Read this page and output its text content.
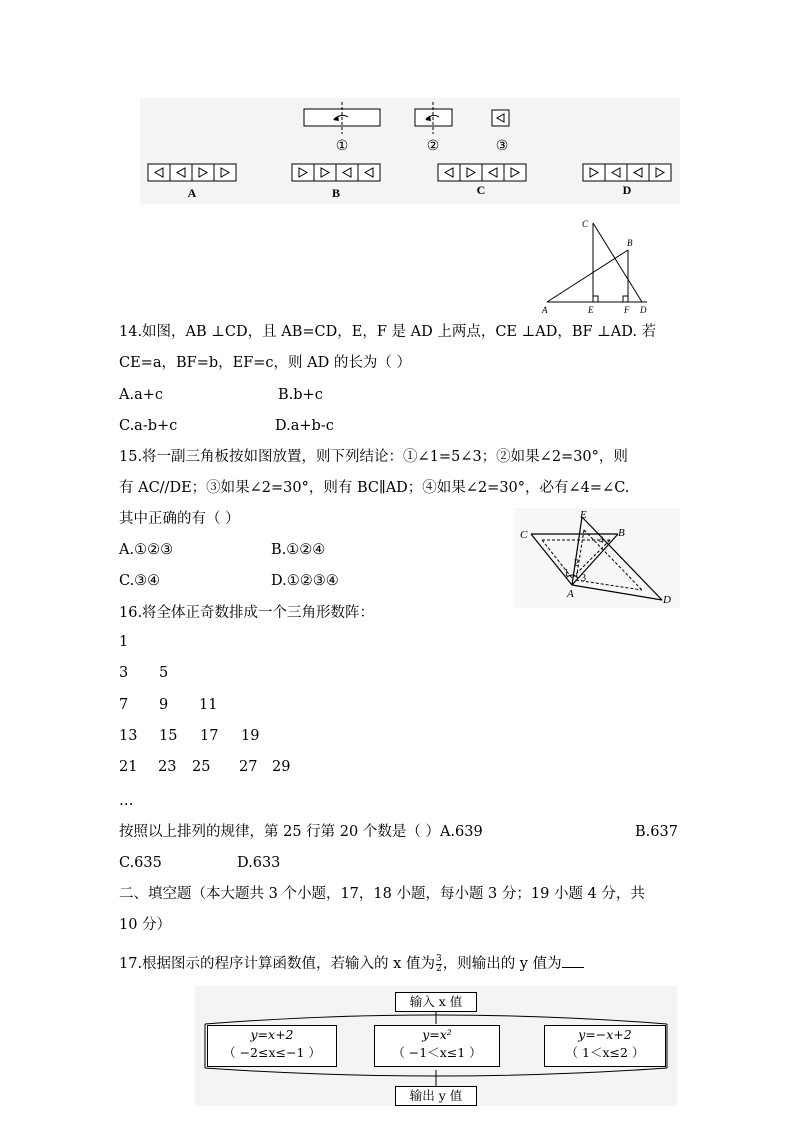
①	②	③
A	B	C	D
C
B
A	E	F D
14.如图，AB ⊥CD，且 AB=CD，E，F 是 AD 上两点，CE ⊥AD，BF ⊥AD. 若
CE=a，BF=b，EF=c，则 AD 的长为（ ）
A.a+c	B.b+c
C.a-b+c	D.a+b-c
15.将一副三角板按如图放置，则下列结论：①∠1=5∠3；②如果∠2=30°，则
有 AC//DE；③如果∠2=30°，则有 BC∥AD；④如果∠2=30°，必有∠4=∠C.
其中正确的有（ ）
A.①②③	B.①②④
C.③④	D.①②③④
E
B
C
A	D
4
1
2
3
16.将全体正奇数排成一个三角形数阵：
1
3 5
7 9 11
13 15 17 19
21 23 25 27 29
…
按照以上排列的规律，第 25 行第 20 个数是（ ）A.639	B.637
C.635	D.633
二、填空题（本大题共 3 个小题，17，18 小题，每小题 3 分；19 小题 4 分，共
10 分）
17.根据图示的程序计算函数值，若输入的 x 值为 $\frac{3}{2}$ ，则输出的 y 值为
输入 x 值
y=x+2
（ −2≤x≤−1 ）
y=x²
（ −1＜x≤1 ）
y=−x+2
（ 1＜x≤2 ）
输出 y 值
